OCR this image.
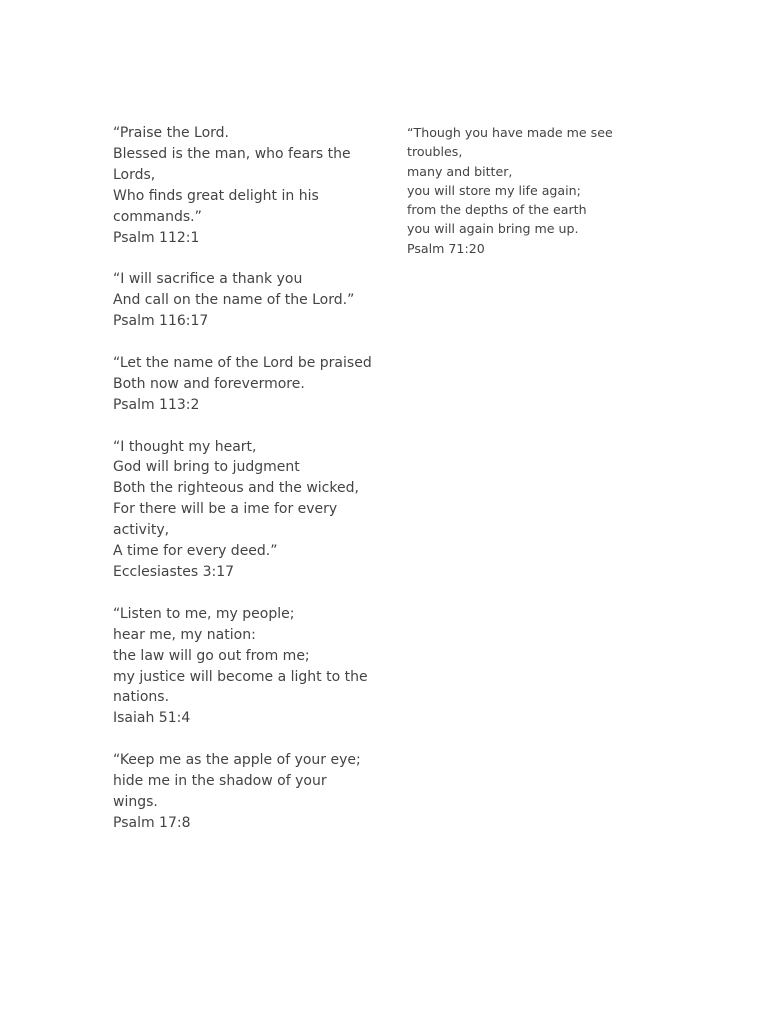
“Praise the Lord.
Blessed is the man, who fears the
Lords,
Who finds great delight in his
commands.”
Psalm 112:1
“I will sacrifice a thank you
And call on the name of the Lord.”
Psalm 116:17
“Let the name of the Lord be praised
Both now and forevermore.
Psalm 113:2
“I thought my heart,
God will bring to judgment
Both the righteous and the wicked,
For there will be a ime for every
activity,
A time for every deed.”
Ecclesiastes 3:17
“Listen to me, my people;
hear me, my nation:
the law will go out from me;
my justice will become a light to the
nations.
Isaiah 51:4
“Keep me as the apple of your eye;
hide me in the shadow of your
wings.
Psalm 17:8
“Though you have made me see
troubles,
many and bitter,
you will store my life again;
from the depths of the earth
you will again bring me up.
Psalm 71:20
